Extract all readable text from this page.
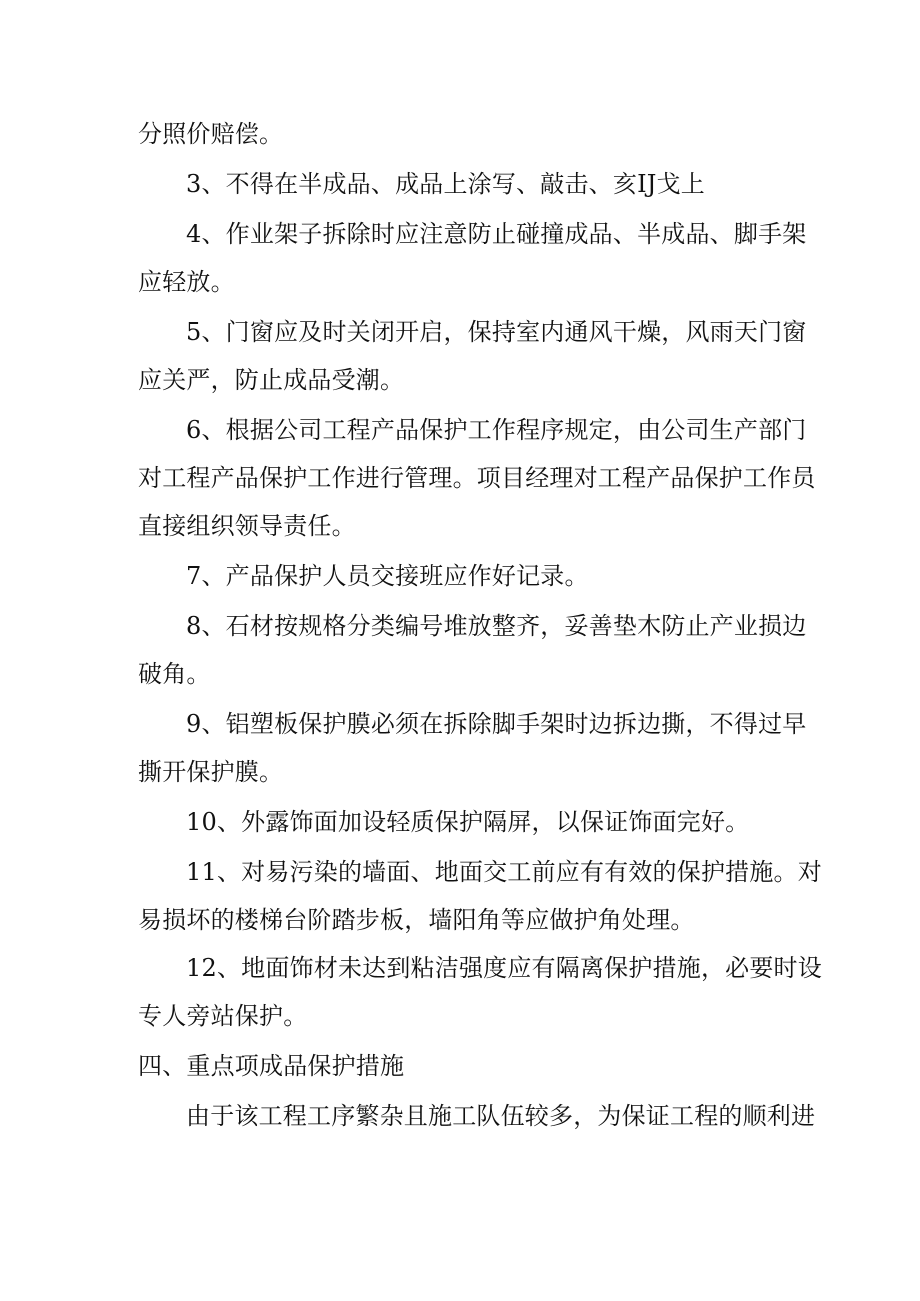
分照价赔偿。
3、不得在半成品、成品上涂写、敲击、亥IJ戈上
4、作业架子拆除时应注意防止碰撞成品、半成品、脚手架
应轻放。
5、门窗应及时关闭开启，保持室内通风干燥，风雨天门窗
应关严，防止成品受潮。
6、根据公司工程产品保护工作程序规定，由公司生产部门
对工程产品保护工作进行管理。项目经理对工程产品保护工作员
直接组织领导责任。
7、产品保护人员交接班应作好记录。
8、石材按规格分类编号堆放整齐，妥善垫木防止产业损边
破角。
9、铝塑板保护膜必须在拆除脚手架时边拆边撕，不得过早
撕开保护膜。
10、外露饰面加设轻质保护隔屏，以保证饰面完好。
11、对易污染的墙面、地面交工前应有有效的保护措施。对
易损坏的楼梯台阶踏步板，墙阳角等应做护角处理。
12、地面饰材未达到粘洁强度应有隔离保护措施，必要时设
专人旁站保护。
四、重点项成品保护措施
由于该工程工序繁杂且施工队伍较多，为保证工程的顺利进
